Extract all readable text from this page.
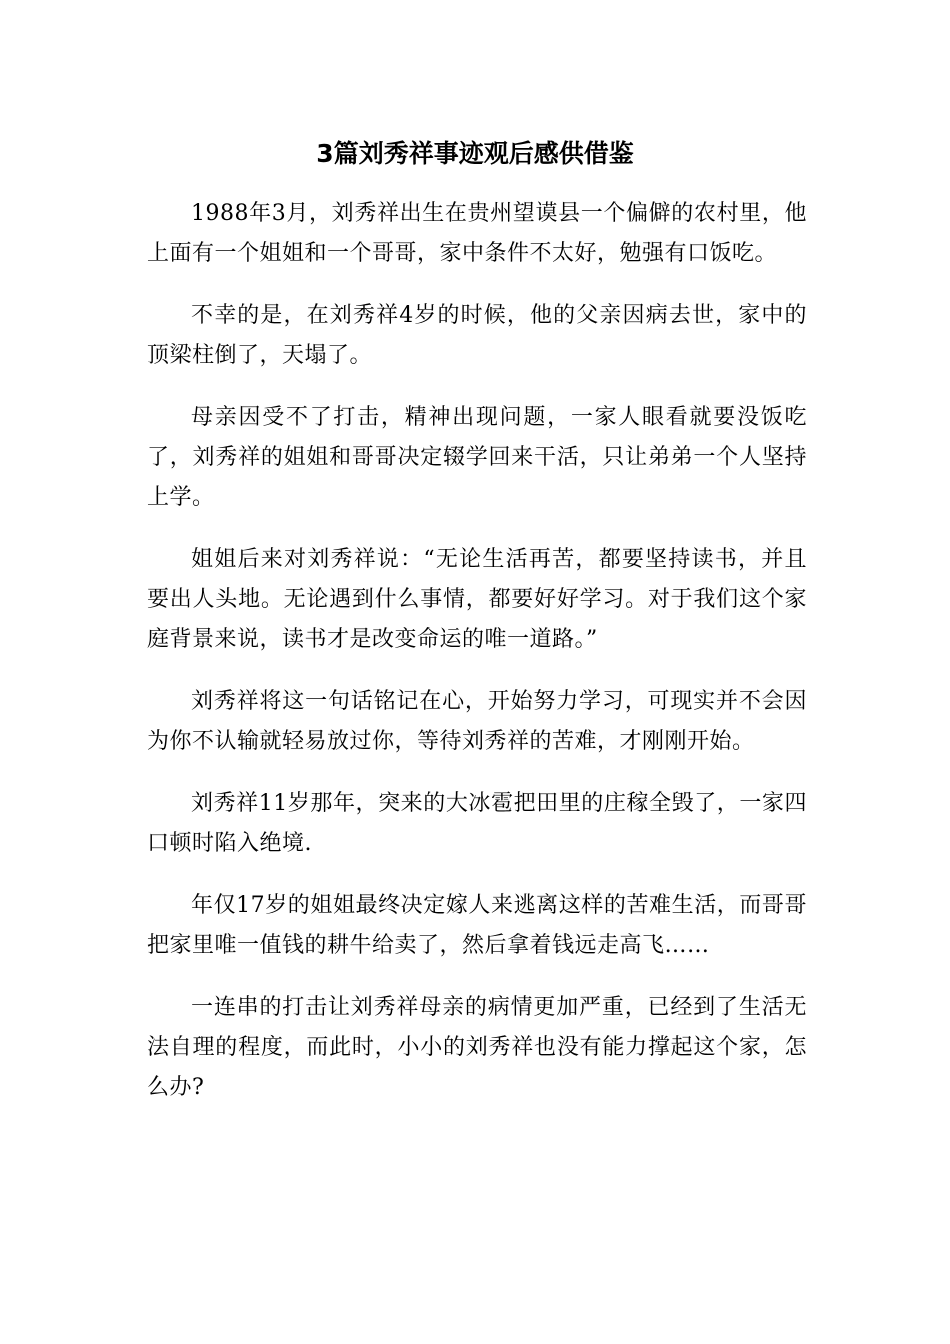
3篇刘秀祥事迹观后感供借鉴

1988年3月，刘秀祥出生在贵州望谟县一个偏僻的农村里，他上面有一个姐姐和一个哥哥，家中条件不太好，勉强有口饭吃。

不幸的是，在刘秀祥4岁的时候，他的父亲因病去世，家中的顶梁柱倒了，天塌了。

母亲因受不了打击，精神出现问题，一家人眼看就要没饭吃了，刘秀祥的姐姐和哥哥决定辍学回来干活，只让弟弟一个人坚持上学。

姐姐后来对刘秀祥说：“无论生活再苦，都要坚持读书，并且要出人头地。无论遇到什么事情，都要好好学习。对于我们这个家庭背景来说，读书才是改变命运的唯一道路。”

刘秀祥将这一句话铭记在心，开始努力学习，可现实并不会因为你不认输就轻易放过你，等待刘秀祥的苦难，才刚刚开始。

刘秀祥11岁那年，突来的大冰雹把田里的庄稼全毁了，一家四口顿时陷入绝境.

年仅17岁的姐姐最终决定嫁人来逃离这样的苦难生活，而哥哥把家里唯一值钱的耕牛给卖了，然后拿着钱远走高飞……

一连串的打击让刘秀祥母亲的病情更加严重，已经到了生活无法自理的程度，而此时，小小的刘秀祥也没有能力撑起这个家，怎么办?
